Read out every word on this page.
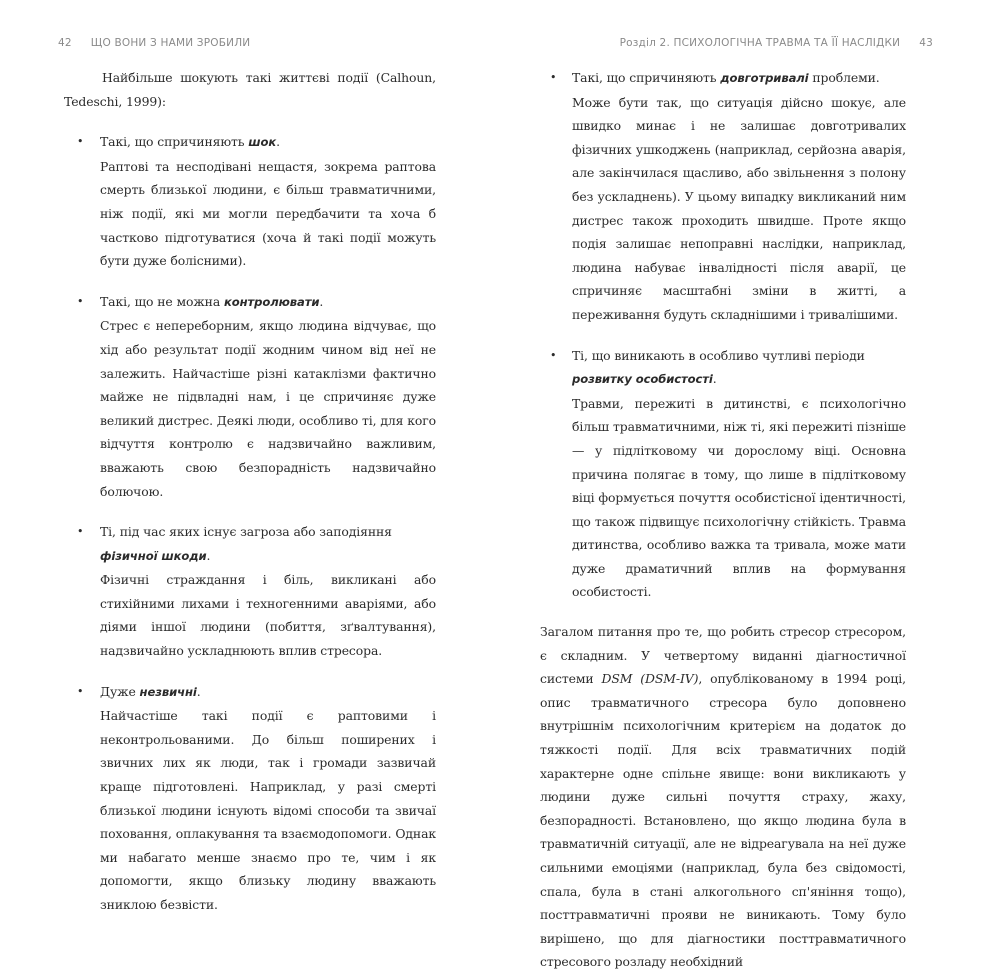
42 ЩО ВОНИ З НАМИ ЗРОБИЛИ

Найбільше шокують такі життєві події (Calhoun, Tedeschi, 1999):

• Такі, що спричиняють шок.
Раптові та несподівані нещастя, зокрема раптова смерть близької людини, є більш травматичними, ніж події, які ми могли передбачити та хоча б частково підготуватися (хоча й такі події можуть бути дуже болісними).
• Такі, що не можна контролювати.
Стрес є непереборним, якщо людина відчуває, що хід або результат події жодним чином від неї не залежить. Найчастіше різні катаклізми фактично майже не підвладні нам, і це спричиняє дуже великий дистрес. Деякі люди, особливо ті, для кого відчуття контролю є надзвичайно важливим, вважають свою безпорадність надзвичайно болючою.
• Ті, під час яких існує загроза або заподіяння фізичної шкоди.
Фізичні страждання і біль, викликані або стихійними лихами і техногенними аваріями, або діями іншої людини (побиття, зґвалтування), надзвичайно ускладнюють вплив стресора.
• Дуже незвичні.
Найчастіше такі події є раптовими і неконтрольованими. До більш поширених і звичних лих як люди, так і громади зазвичай краще підготовлені. Наприклад, у разі смерті близької людини існують відомі способи та звичаї поховання, оплакування та взаємодопомоги. Однак ми набагато менше знаємо про те, чим і як допомогти, якщо близьку людину вважають зниклою безвісти.
Розділ 2. ПСИХОЛОГІЧНА ТРАВМА ТА ЇЇ НАСЛІДКИ 43
• Такі, що спричиняють довготривалі проблеми.
Може бути так, що ситуація дійсно шокує, але швидко минає і не залишає довготривалих фізичних ушкоджень (наприклад, серйозна аварія, але закінчилася щасливо, або звільнення з полону без ускладнень). У цьому випадку викликаний ним дистрес також проходить швидше. Проте якщо подія залишає непоправні наслідки, наприклад, людина набуває інвалідності після аварії, це спричиняє масштабні зміни в житті, а переживання будуть складнішими і тривалішими.
• Ті, що виникають в особливо чутливі періоди розвитку особистості.
Травми, пережиті в дитинстві, є психологічно більш травматичними, ніж ті, які пережиті пізніше — у підлітковому чи дорослому віці. Основна причина полягає в тому, що лише в підлітковому віці формується почуття особистісної ідентичності, що також підвищує психологічну стійкість. Травма дитинства, особливо важка та тривала, може мати дуже драматичний вплив на формування особистості.

Загалом питання про те, що робить стресор стресором, є складним. У четвертому виданні діагностичної системи DSM (DSM-IV), опублікованому в 1994 році, опис травматичного стресора було доповнено внутрішнім психологічним критерієм на додаток до тяжкості події. Для всіх травматичних подій характерне одне спільне явище: вони викликають у людини дуже сильні почуття страху, жаху, безпорадності. Встановлено, що якщо людина була в травматичній ситуації, але не відреагувала на неї дуже сильними емоціями (наприклад, була без свідомості, спала, була в стані алкогольного сп'яніння тощо), посттравматичні прояви не виникають. Тому було вирішено, що для діагностики посттравматичного стресового розладу необхідний
